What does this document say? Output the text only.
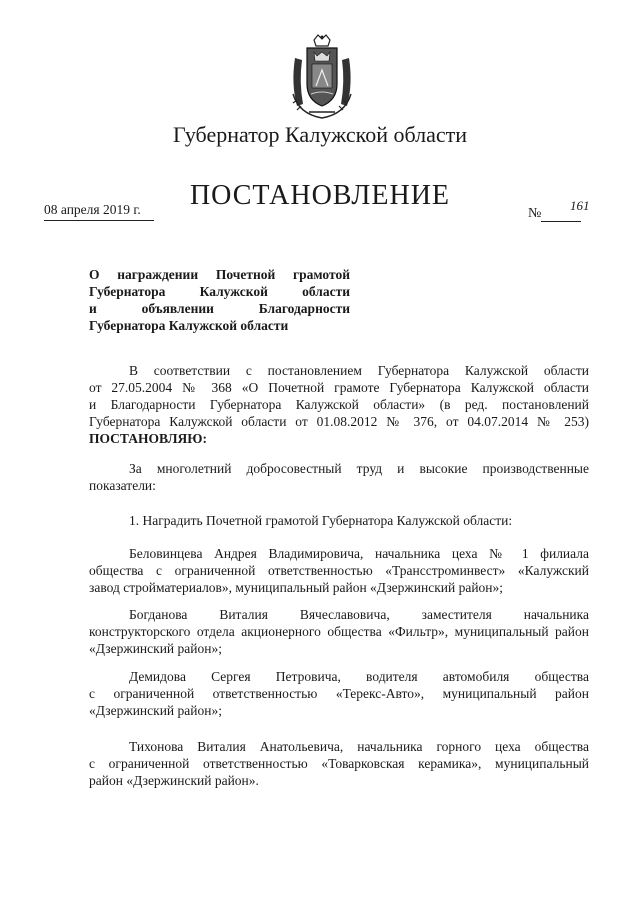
Губернатор Калужской области
ПОСТАНОВЛЕНИЕ
08 апреля 2019 г.	161
№
О награждении Почетной грамотой
Губернатора Калужской области
и объявлении Благодарности
Губернатора Калужской области
В соответствии с постановлением Губернатора Калужской области
от 27.05.2004 № 368 «О Почетной грамоте Губернатора Калужской области
и Благодарности Губернатора Калужской области» (в ред. постановлений
Губернатора Калужской области от 01.08.2012 № 376, от 04.07.2014 № 253)
ПОСТАНОВЛЯЮ:
За многолетний добросовестный труд и высокие производственные
показатели:
1. Наградить Почетной грамотой Губернатора Калужской области:
Беловинцева Андрея Владимировича, начальника цеха № 1 филиала
общества с ограниченной ответственностью «Трансстроминвест» «Калужский
завод стройматериалов», муниципальный район «Дзержинский район»;
Богданова Виталия Вячеславовича, заместителя начальника
конструкторского отдела акционерного общества «Фильтр», муниципальный район
«Дзержинский район»;
Демидова Сергея Петровича, водителя автомобиля общества
с ограниченной ответственностью «Терекс-Авто», муниципальный район
«Дзержинский район»;
Тихонова Виталия Анатольевича, начальника горного цеха общества
с ограниченной ответственностью «Товарковская керамика», муниципальный
район «Дзержинский район».
